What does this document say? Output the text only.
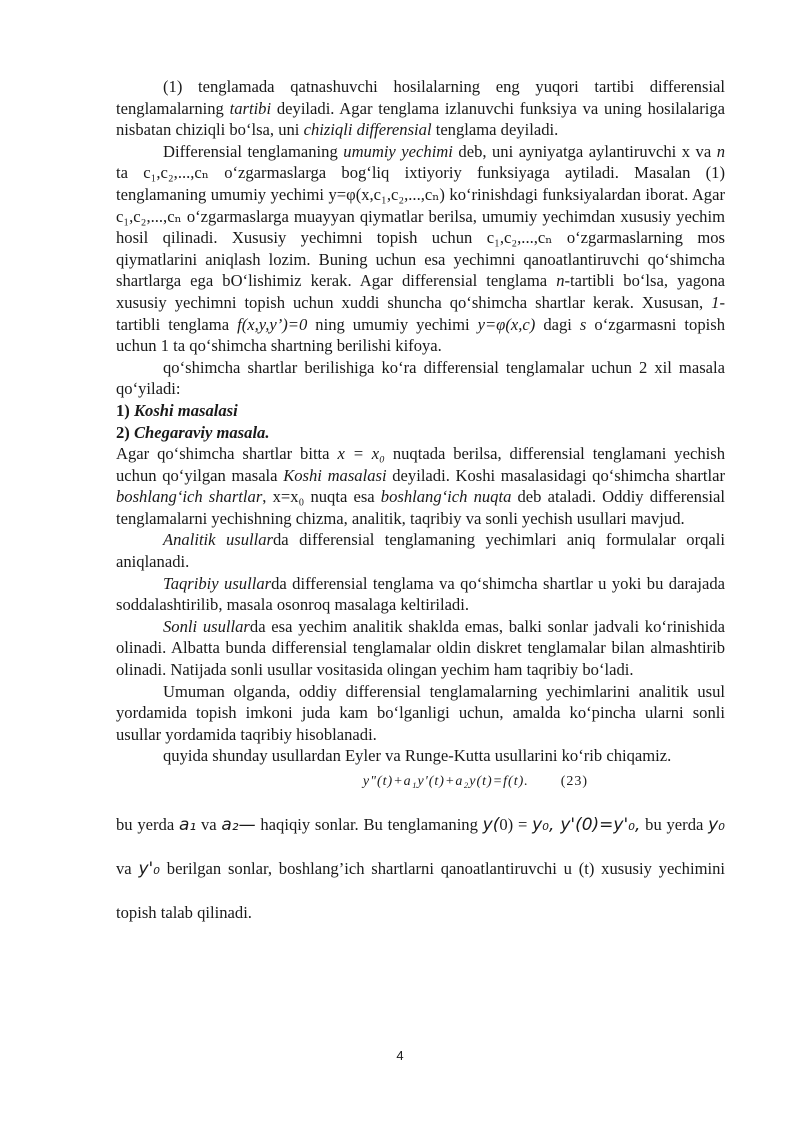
(1) tenglamada qatnashuvchi hosilalarning eng yuqori tartibi differensial tenglamalarning tartibi deyiladi. Agar tenglama izlanuvchi funksiya va uning hosilalariga nisbatan chiziqli bo‘lsa, uni chiziqli differensial tenglama deyiladi.

Differensial tenglamaning umumiy yechimi deb, uni ayniyatga aylantiruvchi x va n ta c₁,c₂,...,cₙ o‘zgarmaslarga bog‘liq ixtiyoriy funksiyaga aytiladi. Masalan (1) tenglamaning umumiy yechimi y=φ(x,c₁,c₂,...,cₙ) ko‘rinishdagi funksiyalardan iborat. Agar c₁,c₂,...,cₙ o‘zgarmaslarga muayyan qiymatlar berilsa, umumiy yechimdan xususiy yechim hosil qilinadi. Xususiy yechimni topish uchun c₁,c₂,...,cₙ o‘zgarmaslarning mos qiymatlarini aniqlash lozim. Buning uchun esa yechimni qanoatlantiruvchi qo‘shimcha shartlarga ega bO‘lishimiz kerak. Agar differensial tenglama n-tartibli bo‘lsa, yagona xususiy yechimni topish uchun xuddi shuncha qo‘shimcha shartlar kerak. Xususan, 1-tartibli tenglama f(x,y,y’)=0 ning umumiy yechimi y=φ(x,c) dagi s o‘zgarmasni topish uchun 1 ta qo‘shimcha shartning berilishi kifoya.

qo‘shimcha shartlar berilishiga ko‘ra differensial tenglamalar uchun 2 xil masala qo‘yiladi:

1) Koshi masalasi

2) Chegaraviy masala.

Agar qo‘shimcha shartlar bitta x = x₀ nuqtada berilsa, differensial tenglamani yechish uchun qo‘yilgan masala Koshi masalasi deyiladi. Koshi masalasidagi qo‘shimcha shartlar boshlang‘ich shartlar, x=x₀ nuqta esa boshlang‘ich nuqta deb ataladi. Oddiy differensial tenglamalarni yechishning chizma, analitik, taqribiy va sonli yechish usullari mavjud.

Analitik usullarda differensial tenglamaning yechimlari aniq formulalar orqali aniqlanadi.

Taqribiy usullarda differensial tenglama va qo‘shimcha shartlar u yoki bu darajada soddalashtirilib, masala osonroq masalaga keltiriladi.

Sonli usullarda esa yechim analitik shaklda emas, balki sonlar jadvali ko‘rinishida olinadi. Albatta bunda differensial tenglamalar oldin diskret tenglamalar bilan almashtirib olinadi. Natijada sonli usullar vositasida olingan yechim ham taqribiy bo‘ladi.

Umuman olganda, oddiy differensial tenglamalarning yechimlarini analitik usul yordamida topish imkoni juda kam bo‘lganligi uchun, amalda ko‘pincha ularni sonli usullar yordamida taqribiy hisoblanadi.

quyida shunday usullardan Eyler va Runge-Kutta usullarini ko‘rib chiqamiz.

y"(t)+a₁y'(t)+a₂y(t)=f(t). (23)

bu yerda a₁ va a₂— haqiqiy sonlar. Bu tenglamaning y(0) = y₀, y'(0)=y'₀, bu yerda y₀ va y'₀ berilgan sonlar, boshlang’ich shartlarni qanoatlantiruvchi u (t) xususiy yechimini topish talab qilinadi.

4
